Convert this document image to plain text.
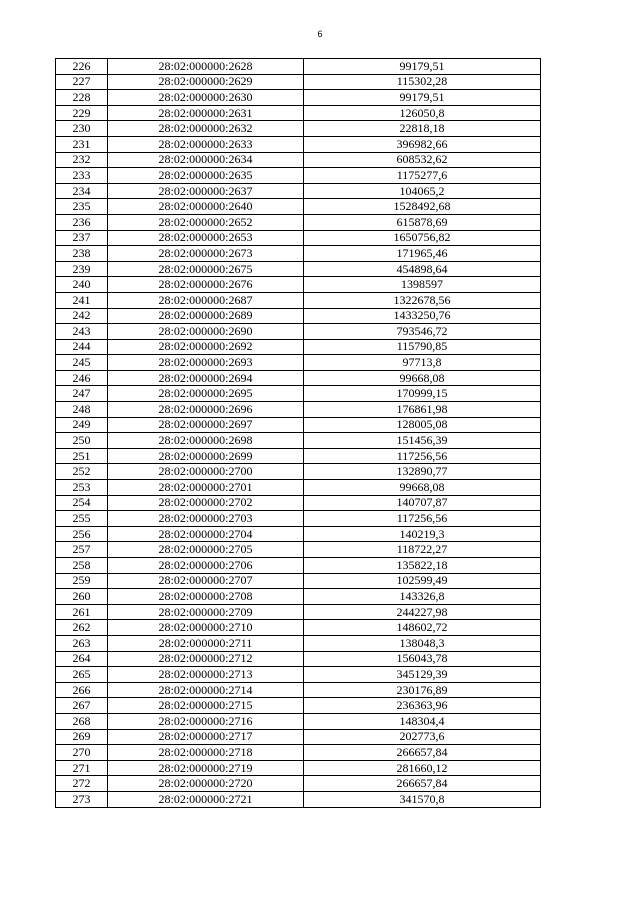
6
226	28:02:000000:2628	99179,51
227	28:02:000000:2629	115302,28
228	28:02:000000:2630	99179,51
229	28:02:000000:2631	126050,8
230	28:02:000000:2632	22818,18
231	28:02:000000:2633	396982,66
232	28:02:000000:2634	608532,62
233	28:02:000000:2635	1175277,6
234	28:02:000000:2637	104065,2
235	28:02:000000:2640	1528492,68
236	28:02:000000:2652	615878,69
237	28:02:000000:2653	1650756,82
238	28:02:000000:2673	171965,46
239	28:02:000000:2675	454898,64
240	28:02:000000:2676	1398597
241	28:02:000000:2687	1322678,56
242	28:02:000000:2689	1433250,76
243	28:02:000000:2690	793546,72
244	28:02:000000:2692	115790,85
245	28:02:000000:2693	97713,8
246	28:02:000000:2694	99668,08
247	28:02:000000:2695	170999,15
248	28:02:000000:2696	176861,98
249	28:02:000000:2697	128005,08
250	28:02:000000:2698	151456,39
251	28:02:000000:2699	117256,56
252	28:02:000000:2700	132890,77
253	28:02:000000:2701	99668,08
254	28:02:000000:2702	140707,87
255	28:02:000000:2703	117256,56
256	28:02:000000:2704	140219,3
257	28:02:000000:2705	118722,27
258	28:02:000000:2706	135822,18
259	28:02:000000:2707	102599,49
260	28:02:000000:2708	143326,8
261	28:02:000000:2709	244227,98
262	28:02:000000:2710	148602,72
263	28:02:000000:2711	138048,3
264	28:02:000000:2712	156043,78
265	28:02:000000:2713	345129,39
266	28:02:000000:2714	230176,89
267	28:02:000000:2715	236363,96
268	28:02:000000:2716	148304,4
269	28:02:000000:2717	202773,6
270	28:02:000000:2718	266657,84
271	28:02:000000:2719	281660,12
272	28:02:000000:2720	266657,84
273	28:02:000000:2721	341570,8
